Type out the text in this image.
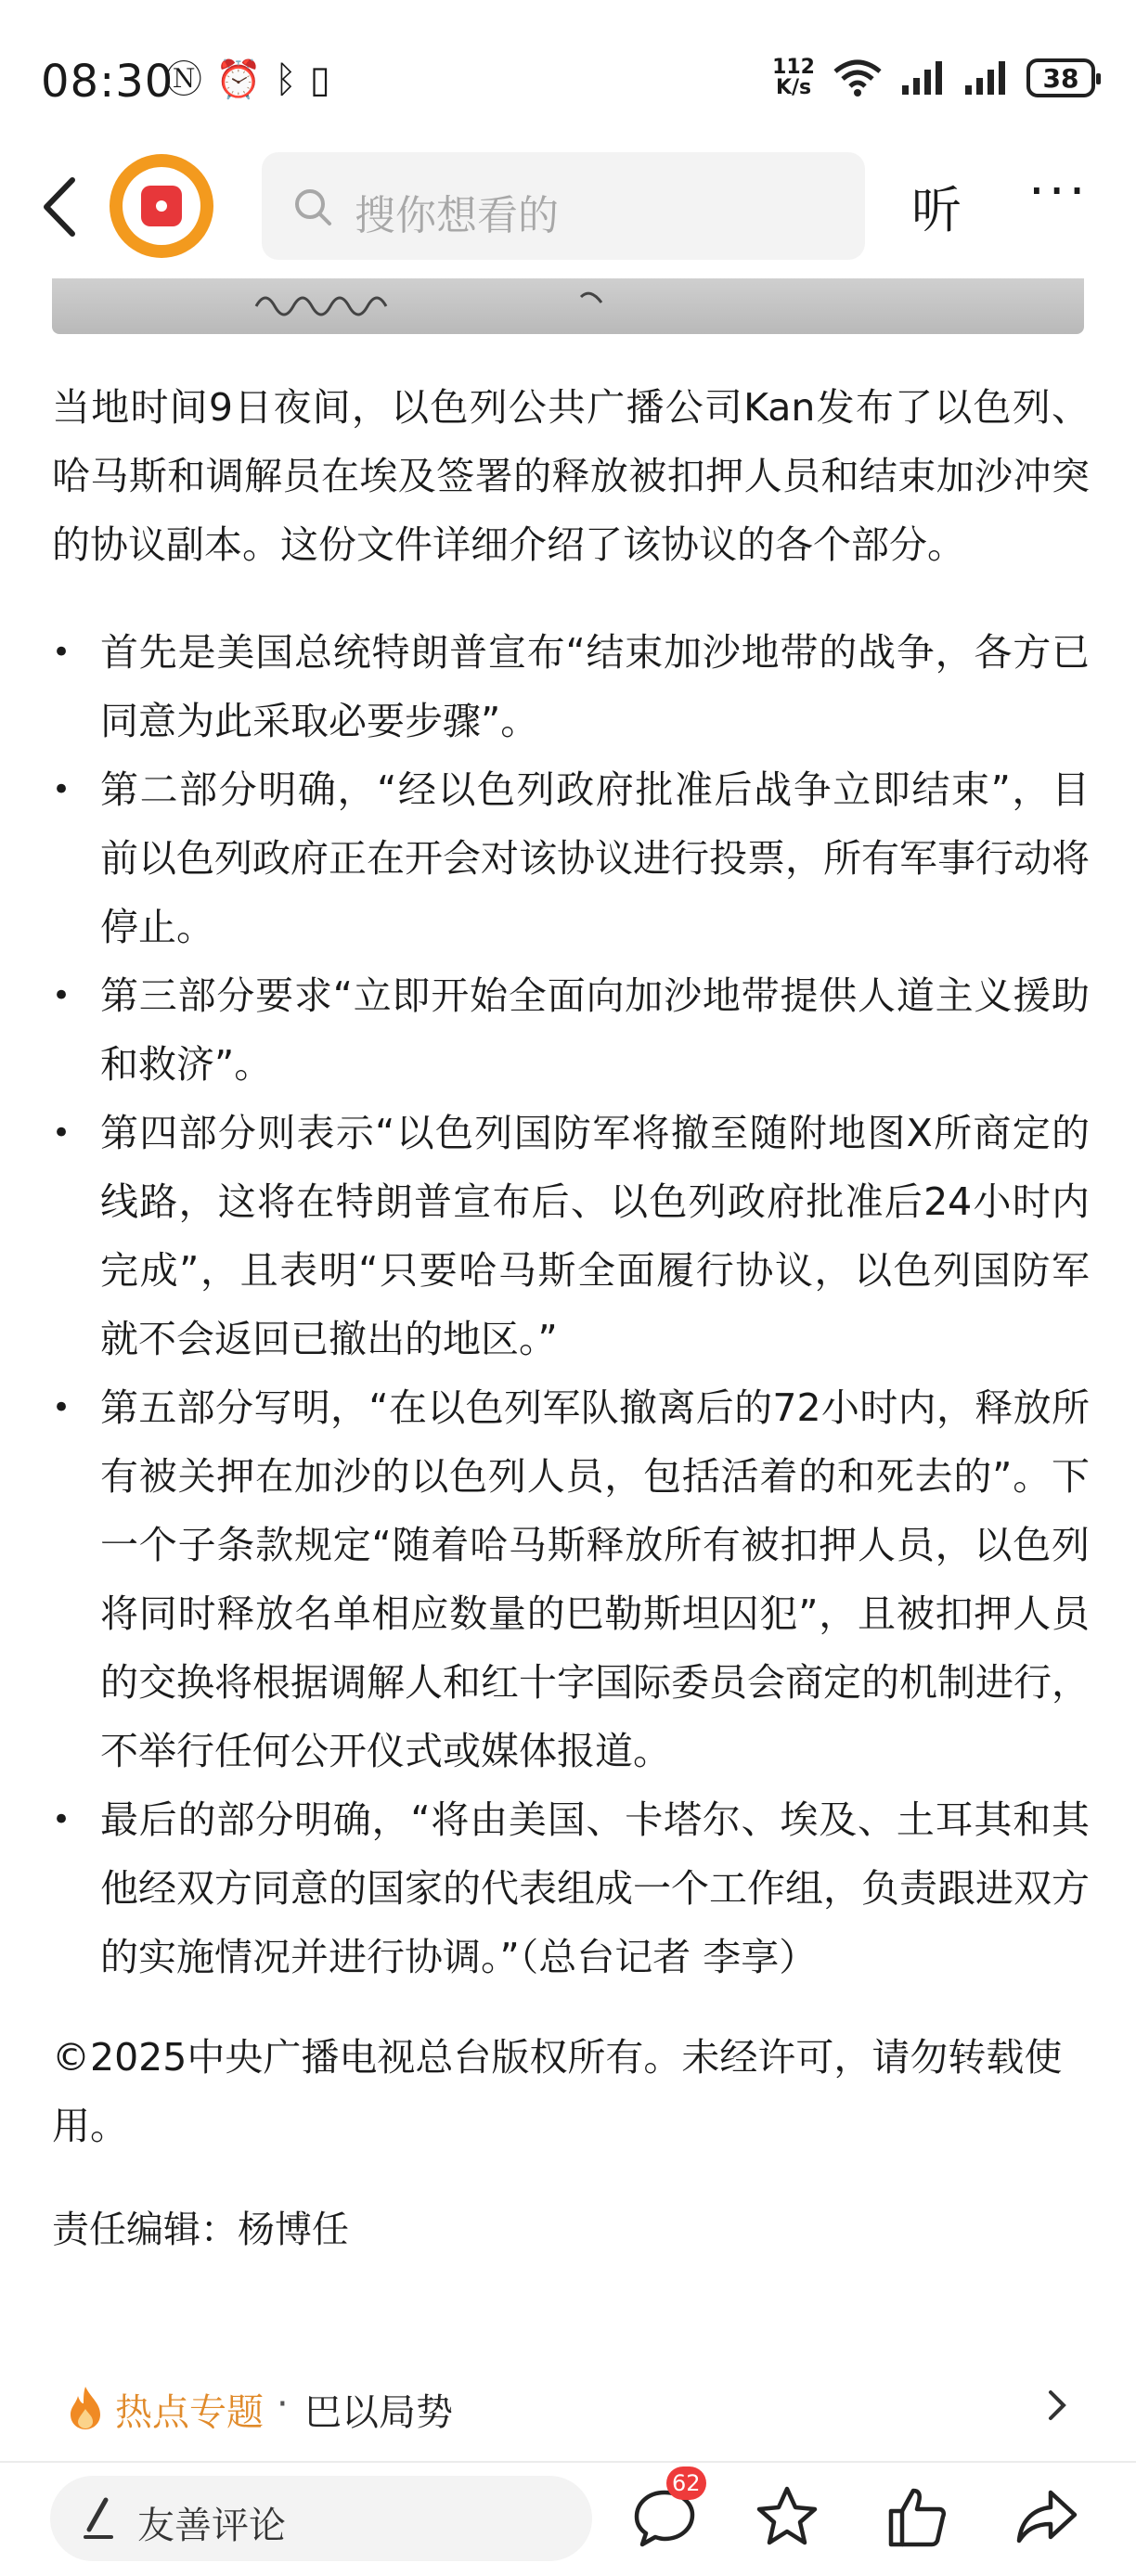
08:30
Ⓝ ⏰ ᛒ ▯	112
K/s	38
搜你想看的	听 ···

当地时间9日夜间，以色列公共广播公司Kan发布了以色列、哈马斯和调解员在埃及签署的释放被扣押人员和结束加沙冲突的协议副本。这份文件详细介绍了该协议的各个部分。

• 首先是美国总统特朗普宣布“结束加沙地带的战争，各方已同意为此采取必要步骤”。
• 第二部分明确，“经以色列政府批准后战争立即结束”，目前以色列政府正在开会对该协议进行投票，所有军事行动将停止。
• 第三部分要求“立即开始全面向加沙地带提供人道主义援助和救济”。
• 第四部分则表示“以色列国防军将撤至随附地图X所商定的线路，这将在特朗普宣布后、以色列政府批准后24小时内完成”，且表明“只要哈马斯全面履行协议，以色列国防军就不会返回已撤出的地区。”
• 第五部分写明，“在以色列军队撤离后的72小时内，释放所有被关押在加沙的以色列人员，包括活着的和死去的”。下一个子条款规定“随着哈马斯释放所有被扣押人员，以色列将同时释放名单相应数量的巴勒斯坦囚犯”，且被扣押人员的交换将根据调解人和红十字国际委员会商定的机制进行，不举行任何公开仪式或媒体报道。
• 最后的部分明确，“将由美国、卡塔尔、埃及、土耳其和其他经双方同意的国家的代表组成一个工作组，负责跟进双方的实施情况并进行协调。”（总台记者 李享）

©2025中央广播电视总台版权所有。未经许可，请勿转载使用。

责任编辑：杨博任

热点专题 · 巴以局势
友善评论
62
